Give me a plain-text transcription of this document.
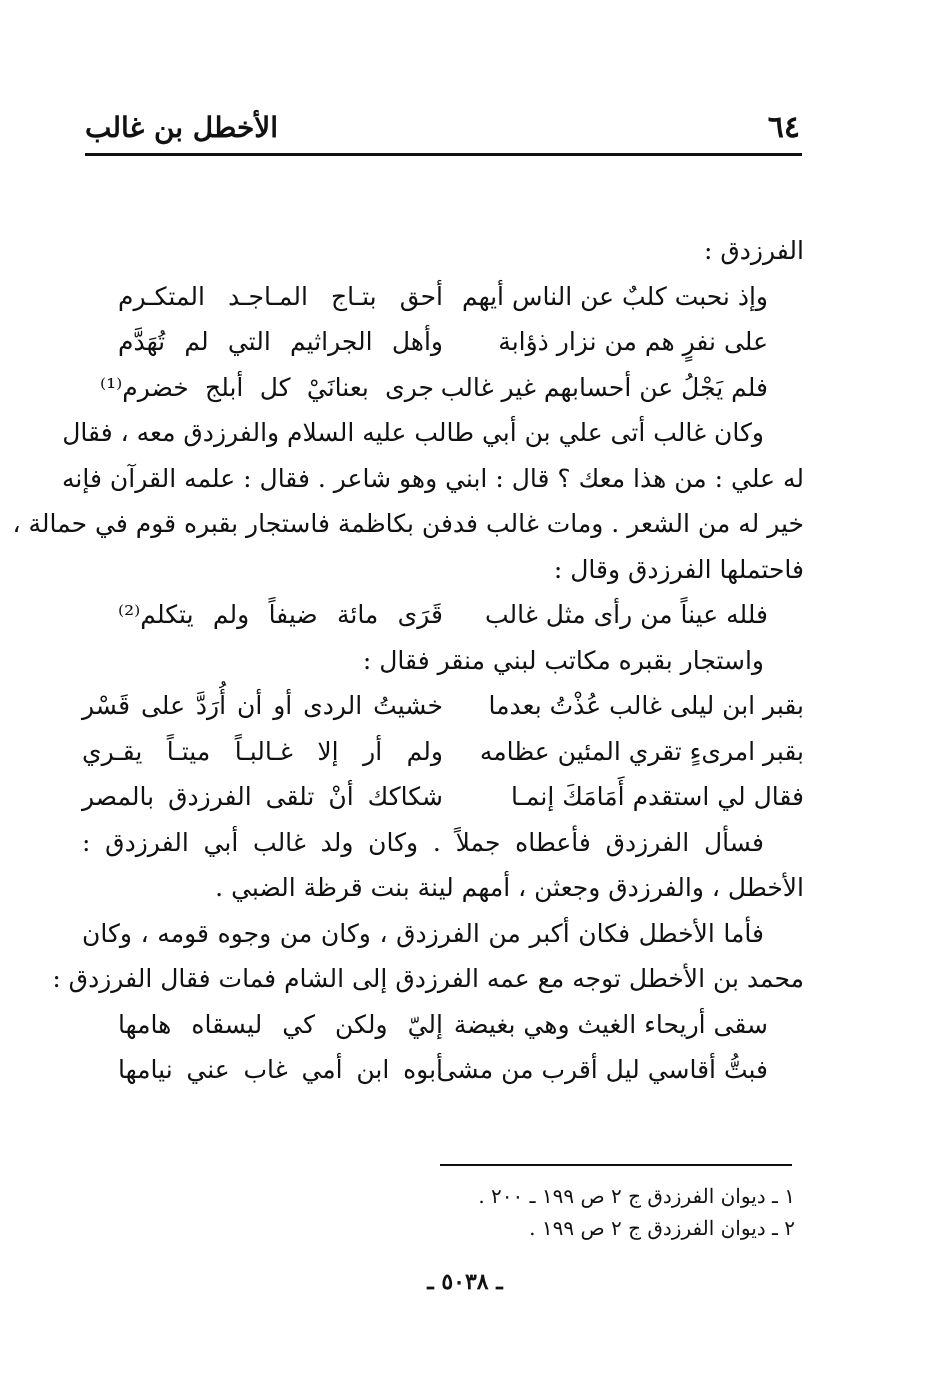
٦٤
الأخطل بن غالب
الفرزدق :
وإذ نحبت كلبٌ عن الناس أيهم
أحق بتـاج المـاجـد المتكـرم
على نفرٍ هم من نزار ذؤابة
وأهل الجراثيم التي لم تُهَدَّم
فلم يَجْلُ عن أحسابهم غير غالب
جرى بعنانَيْ كل أبلج خضرم⁽¹⁾
وكان غالب أتى علي بن أبي طالب عليه السلام والفرزدق معه ، فقال
له علي : من هذا معك ؟ قال : ابني وهو شاعر . فقال : علمه القرآن فإنه
خير له من الشعر . ومات غالب فدفن بكاظمة فاستجار بقبره قوم في حمالة ،
فاحتملها الفرزدق وقال :
فلله عيناً من رأى مثل غالب
قَرَى مائة ضيفاً ولم يتكلم⁽²⁾
واستجار بقبره مكاتب لبني منقر فقال :
بقبر ابن ليلى غالب عُذْتُ بعدما
خشيتُ الردى أو أن أُرَدَّ على قَسْر
بقبر امرىءٍ تقري المئين عظامه
ولم أر إلا غـالبـاً ميتـاً يقـري
فقال لي استقدم أَمَامَكَ إنمـا
شكاكك أنْ تلقى الفرزدق بالمصر
فسأل الفرزدق فأعطاه جملاً . وكان ولد غالب أبي الفرزدق :
الأخطل ، والفرزدق وجعثن ، أمهم لينة بنت قرظة الضبي .
فأما الأخطل فكان أكبر من الفرزدق ، وكان من وجوه قومه ، وكان
محمد بن الأخطل توجه مع عمه الفرزدق إلى الشام فمات فقال الفرزدق :
سقى أريحاء الغيث وهي بغيضة
إليّ ولكن كي ليسقاه هامها
فبتُّ أقاسي ليل أقرب من مشى
أبوه ابن أمي غاب عني نيامها
١ ـ ديوان الفرزدق ج ٢ ص ١٩٩ ـ ٢٠٠ .
٢ ـ ديوان الفرزدق ج ٢ ص ١٩٩ .
ـ ٥٠٣٨ ـ
